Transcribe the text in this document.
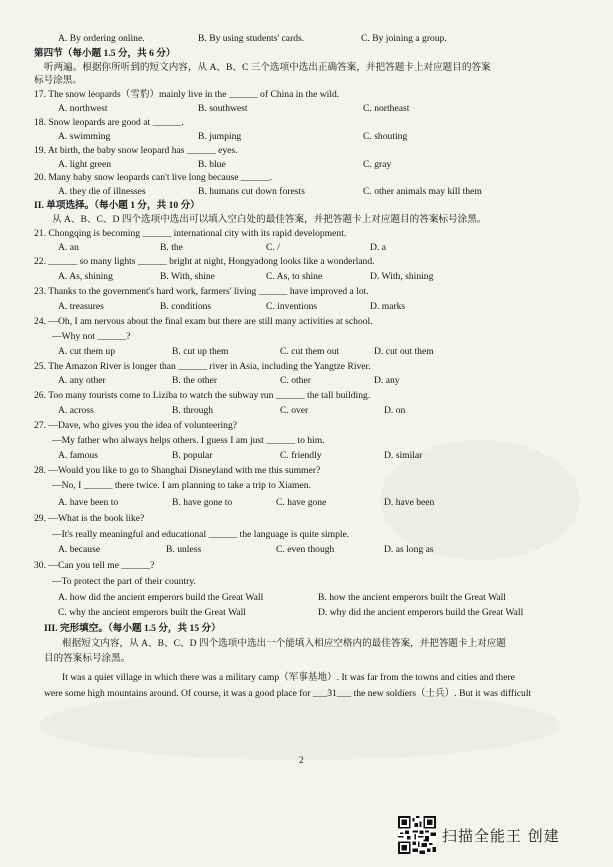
A. By ordering online.	B. By using students' cards.	C. By joining a group.
第四节（每小题 1.5 分，共 6 分）
听两遍。根据你所听到的短文内容，从 A、B、C 三个选项中选出正确答案，并把答题卡上对应题目的答案
标号涂黑。
17. The snow leopards（雪豹）mainly live in the ______ of China in the wild.
A. northwest	B. southwest	C. northeast
18. Snow leopards are good at ______.
A. swimming	B. jumping	C. shouting
19. At birth, the baby snow leopard has ______ eyes.
A. light green	B. blue	C. gray
20. Many baby snow leopards can't live long because ______.
A. they die of illnesses	B. humans cut down forests	C. other animals may kill them
II. 单项选择。（每小题 1 分，共 10 分）
从 A、B、C、D 四个选项中选出可以填入空白处的最佳答案，并把答题卡上对应题目的答案标号涂黑。
21. Chongqing is becoming ______ international city with its rapid development.
A. an	B. the	C. /	D. a
22. ______ so many lights ______ bright at night, Hongyadong looks like a wonderland.
A. As, shining	B. With, shine	C. As, to shine	D. With, shining
23. Thanks to the government's hard work, farmers' living ______ have improved a lot.
A. treasures	B. conditions	C. inventions	D. marks
24. —Oh, I am nervous about the final exam but there are still many activities at school.
—Why not ______?
A. cut them up	B. cut up them	C. cut them out	D. cut out them
25. The Amazon River is longer than ______ river in Asia, including the Yangtze River.
A. any other	B. the other	C. other	D. any
26. Too many tourists come to Liziba to watch the subway run ______ the tall building.
A. across	B. through	C. over	D. on
27. —Dave, who gives you the idea of volunteering?
—My father who always helps others. I guess I am just ______ to him.
A. famous	B. popular	C. friendly	D. similar
28. —Would you like to go to Shanghai Disneyland with me this summer?
—No, I ______ there twice. I am planning to take a trip to Xiamen.
A. have been to	B. have gone to	C. have gone	D. have been
29. —What is the book like?
—It's really meaningful and educational ______ the language is quite simple.
A. because	B. unless	C. even though	D. as long as
30. —Can you tell me ______?
—To protect the part of their country.
A. how did the ancient emperors build the Great Wall	B. how the ancient emperors built the Great Wall
C. why the ancient emperors built the Great Wall	D. why did the ancient emperors build the Great Wall
III. 完形填空。（每小题 1.5 分，共 15 分）
根据短文内容，从 A、B、C、D 四个选项中选出一个能填入相应空格内的最佳答案，并把答题卡上对应题
目的答案标号涂黑。
It was a quiet village in which there was a military camp（军事基地）. It was far from the towns and cities and there
were some high mountains around. Of course, it was a good place for ___31___ the new soldiers（士兵）. But it was difficult
2
扫描全能王 创建
